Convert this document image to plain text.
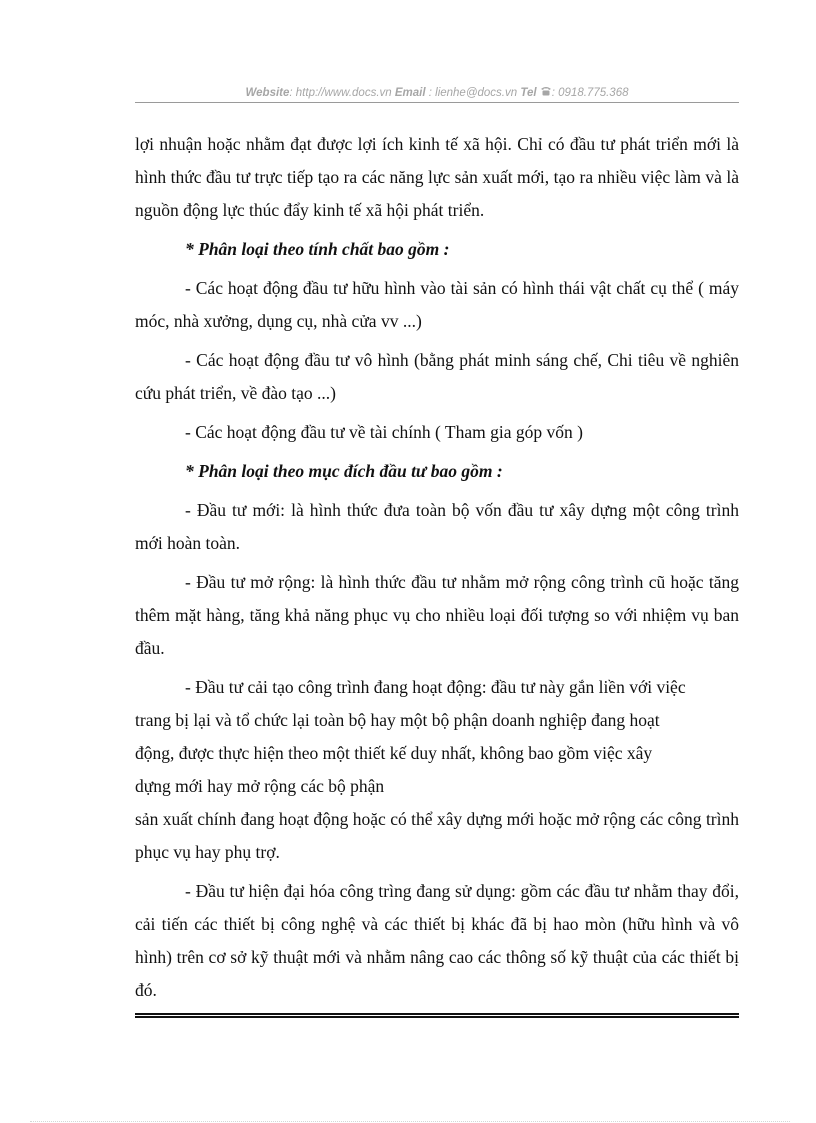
Website: http://www.docs.vn Email : lienhe@docs.vn Tel : 0918.775.368

lợi nhuận hoặc nhằm đạt được lợi ích kinh tế xã hội. Chỉ có đầu tư phát triển mới là hình thức đầu tư trực tiếp tạo ra các năng lực sản xuất mới, tạo ra nhiều việc làm và là nguồn động lực thúc đẩy kinh tế xã hội phát triển.

* Phân loại theo tính chất bao gồm :

- Các hoạt động đầu tư hữu hình vào tài sản có hình thái vật chất cụ thể ( máy móc, nhà xưởng, dụng cụ, nhà cửa vv ...)

- Các hoạt động đầu tư vô hình (bằng phát minh sáng chế, Chi tiêu về nghiên cứu phát triển, về đào tạo ...)

- Các hoạt động đầu tư về tài chính ( Tham gia góp vốn )

* Phân loại theo mục đích đầu tư bao gồm :

- Đầu tư mới: là hình thức đưa toàn bộ vốn đầu tư xây dựng một công trình mới hoàn toàn.

- Đầu tư mở rộng: là hình thức đầu tư nhằm mở rộng công trình cũ hoặc tăng thêm mặt hàng, tăng khả năng phục vụ cho nhiều loại đối tượng so với nhiệm vụ ban đầu.

- Đầu tư cải tạo công trình đang hoạt động: đầu tư này gắn liền với việc

trang bị lại và tổ chức lại toàn bộ hay một bộ phận doanh nghiệp đang hoạt

động, được thực hiện theo một thiết kế duy nhất, không bao gồm việc xây

dựng mới hay mở rộng các bộ phận

sản xuất chính đang hoạt động hoặc có thể xây dựng mới hoặc mở rộng các công trình phục vụ hay phụ trợ.

- Đầu tư hiện đại hóa công trìng đang sử dụng: gồm các đầu tư nhằm thay đổi, cải tiến các thiết bị công nghệ và các thiết bị khác đã bị hao mòn (hữu hình và vô hình) trên cơ sở kỹ thuật mới và nhằm nâng cao các thông số kỹ thuật của các thiết bị đó.
